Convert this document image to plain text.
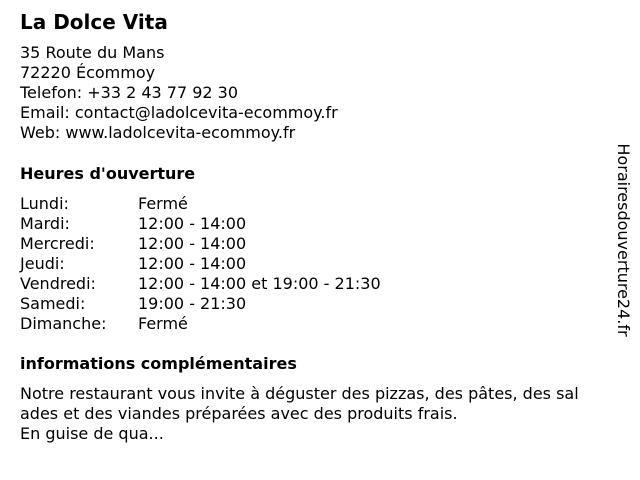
La Dolce Vita
35 Route du Mans
72220 Écommoy
Telefon: +33 2 43 77 92 30
Email: contact@ladolcevita-ecommoy.fr
Web: www.ladolcevita-ecommoy.fr
Heures d'ouverture
Lundi:	Fermé
Mardi:	12:00 - 14:00
Mercredi:	12:00 - 14:00
Jeudi:	12:00 - 14:00
Vendredi:	12:00 - 14:00 et 19:00 - 21:30
Samedi:	19:00 - 21:30
Dimanche:	Fermé
informations complémentaires
Notre restaurant vous invite à déguster des pizzas, des pâtes, des sal
ades et des viandes préparées avec des produits frais.
En guise de qua...
Horairesdouverture24.fr
